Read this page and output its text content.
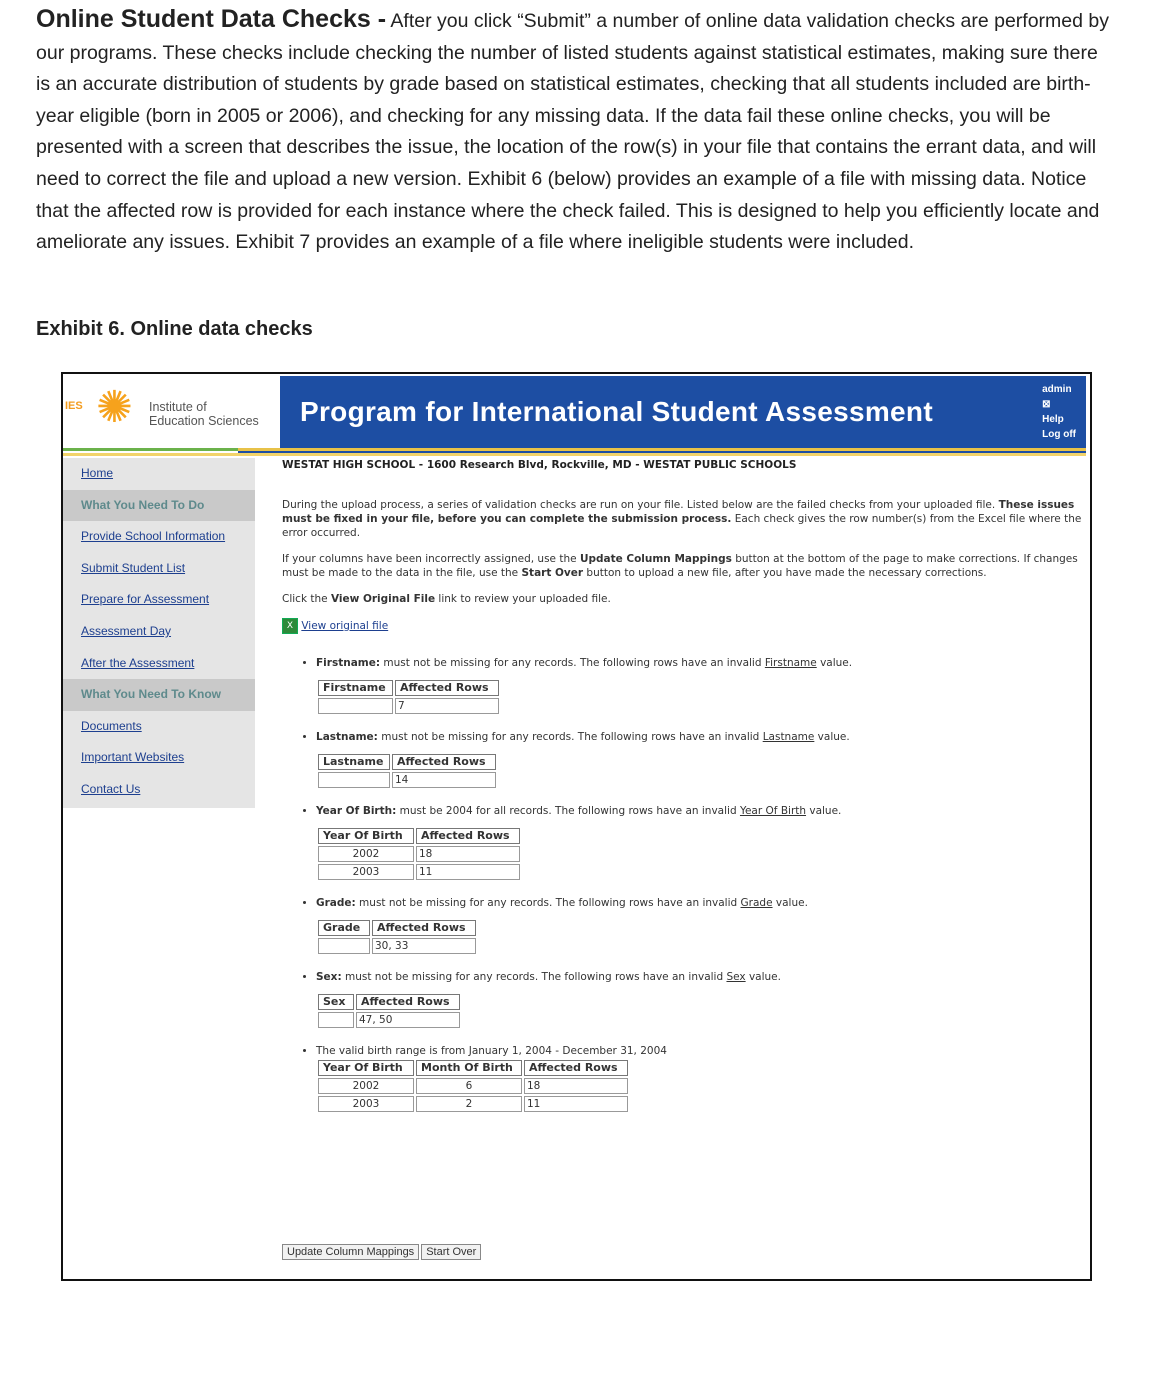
Online Student Data Checks - After you click “Submit” a number of online data validation checks are performed by our programs. These checks include checking the number of listed students against statistical estimates, making sure there is an accurate distribution of students by grade based on statistical estimates, checking that all students included are birth-year eligible (born in 2005 or 2006), and checking for any missing data. If the data fail these online checks, you will be presented with a screen that describes the issue, the location of the row(s) in your file that contains the errant data, and will need to correct the file and upload a new version. Exhibit 6 (below) provides an example of a file with missing data. Notice that the affected row is provided for each instance where the check failed. This is designed to help you efficiently locate and ameliorate any issues. Exhibit 7 provides an example of a file where ineligible students were included.
Exhibit 6. Online data checks
IES ✺ Institute of
Education Sciences Program for International Student Assessment
admin
⊠
Help
Log off
Home
What You Need To Do
Provide School Information
Submit Student List
Prepare for Assessment
Assessment Day
After the Assessment
What You Need To Know
Documents
Important Websites
Contact Us

WESTAT HIGH SCHOOL - 1600 Research Blvd, Rockville, MD - WESTAT PUBLIC SCHOOLS

During the upload process, a series of validation checks are run on your file. Listed below are the failed checks from your uploaded file. These issues must be fixed in your file, before you can complete the submission process. Each check gives the row number(s) from the Excel file where the error occurred.

If your columns have been incorrectly assigned, use the Update Column Mappings button at the bottom of the page to make corrections. If changes must be made to the data in the file, use the Start Over button to upload a new file, after you have made the necessary corrections.

Click the View Original File link to review your uploaded file.

X View original file

• Firstname: must not be missing for any records. The following rows have an invalid Firstname value.
Firstname	Affected Rows
	7
• Lastname: must not be missing for any records. The following rows have an invalid Lastname value.
Lastname	Affected Rows
	14
• Year Of Birth: must be 2004 for all records. The following rows have an invalid Year Of Birth value.
Year Of Birth	Affected Rows
2002	18
2003	11
• Grade: must not be missing for any records. The following rows have an invalid Grade value.
Grade	Affected Rows
	30, 33
• Sex: must not be missing for any records. The following rows have an invalid Sex value.
Sex	Affected Rows
	47, 50
• The valid birth range is from January 1, 2004 - December 31, 2004
Year Of Birth	Month Of Birth	Affected Rows
2002	6	18
2003	2	11
Update Column Mappings Start Over
